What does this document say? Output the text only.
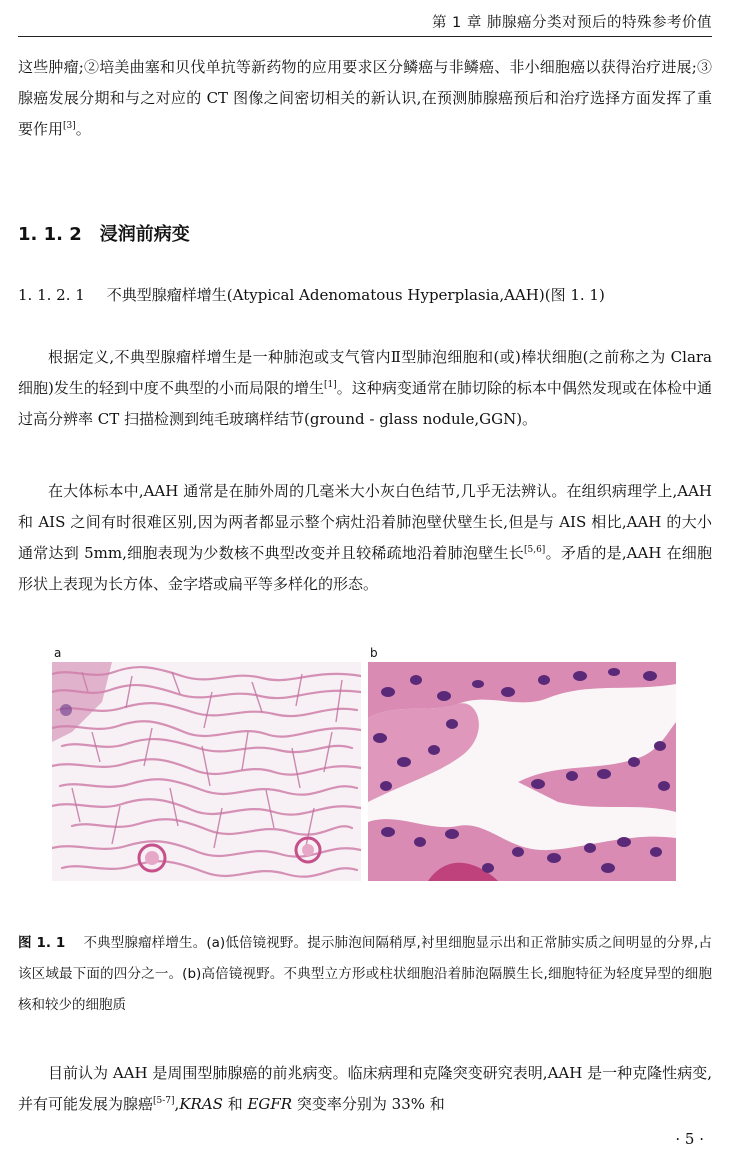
第 1 章 肺腺癌分类对预后的特殊参考价值
这些肿瘤;②培美曲塞和贝伐单抗等新药物的应用要求区分鳞癌与非鳞癌、非小细胞癌以获得治疗进展;③腺癌发展分期和与之对应的 CT 图像之间密切相关的新认识,在预测肺腺癌预后和治疗选择方面发挥了重要作用[3]。
1. 1. 2 浸润前病变
1. 1. 2. 1 不典型腺瘤样增生(Atypical Adenomatous Hyperplasia,AAH)(图 1. 1)
根据定义,不典型腺瘤样增生是一种肺泡或支气管内Ⅱ型肺泡细胞和(或)棒状细胞(之前称之为 Clara 细胞)发生的轻到中度不典型的小而局限的增生[1]。这种病变通常在肺切除的标本中偶然发现或在体检中通过高分辨率 CT 扫描检测到纯毛玻璃样结节(ground - glass nodule,GGN)。
在大体标本中,AAH 通常是在肺外周的几毫米大小灰白色结节,几乎无法辨认。在组织病理学上,AAH 和 AIS 之间有时很难区别,因为两者都显示整个病灶沿着肺泡壁伏壁生长,但是与 AIS 相比,AAH 的大小通常达到 5mm,细胞表现为少数核不典型改变并且较稀疏地沿着肺泡壁生长[5,6]。矛盾的是,AAH 在细胞形状上表现为长方体、金字塔或扁平等多样化的形态。
a	b
图 1. 1 不典型腺瘤样增生。(a)低倍镜视野。提示肺泡间隔稍厚,衬里细胞显示出和正常肺实质之间明显的分界,占该区域最下面的四分之一。(b)高倍镜视野。不典型立方形或柱状细胞沿着肺泡隔膜生长,细胞特征为轻度异型的细胞核和较少的细胞质
目前认为 AAH 是周围型肺腺癌的前兆病变。临床病理和克隆突变研究表明,AAH 是一种克隆性病变,并有可能发展为腺癌[5-7],KRAS 和 EGFR 突变率分别为 33% 和
· 5 ·
